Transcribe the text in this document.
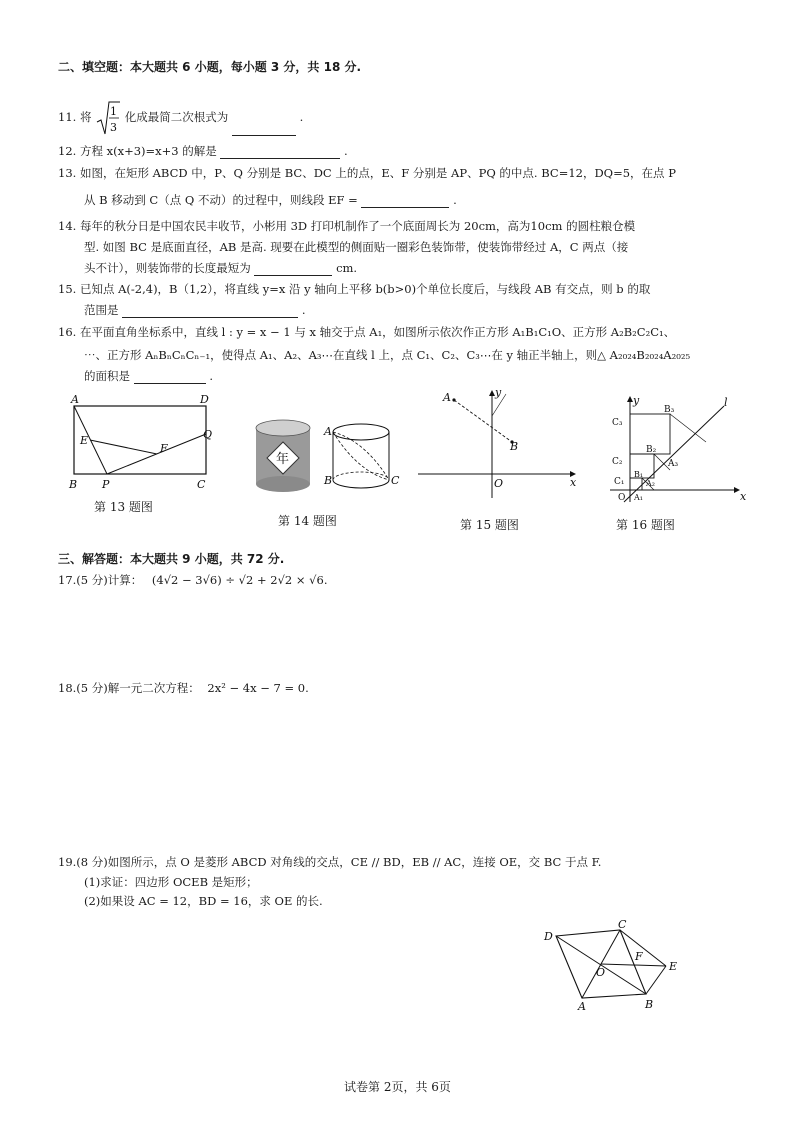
二、填空题：本大题共 6 小题，每小题 3 分，共 18 分.
11. 将 1
3
化成最简二次根式为	.
12. 方程 x(x+3)=x+3 的解是	.
13. 如图，在矩形 ABCD 中，P、Q 分别是 BC、DC 上的点，E、F 分别是 AP、PQ 的中点. BC=12，DQ=5，在点 P
从 B 移动到 C（点 Q 不动）的过程中，则线段 EF =	.
14. 每年的秋分日是中国农民丰收节，小彬用 3D 打印机制作了一个底面周长为 20cm，高为10cm 的圆柱粮仓模
型. 如图 BC 是底面直径，AB 是高. 现要在此模型的侧面贴一圈彩色装饰带，使装饰带经过 A，C 两点（接
头不计），则装饰带的长度最短为	cm.
15. 已知点 A(-2,4)，B（1,2），将直线 y=x 沿 y 轴向上平移 b(b>0)个单位长度后，与线段 AB 有交点，则 b 的取
范围是	.
16. 在平面直角坐标系中，直线 l : y = x − 1 与 x 轴交于点 A₁，如图所示依次作正方形 A₁B₁C₁O、正方形 A₂B₂C₂C₁、
⋯、正方形 AₙBₙCₙCₙ₋₁，使得点 A₁、A₂、A₃⋯在直线 l 上，点 C₁、C₂、C₃⋯在 y 轴正半轴上，则△ A₂₀₂₄B₂₀₂₄A₂₀₂₅
的面积是	.
A	D
E	Q
F
B P	C
第 13 题图
年
A
B	C
第 14 题图
A
B
y
x
O
第 15 题图
y	l
C₃
B₃
C₂
B₂
A₃
C₁
B₁
A₂
O A₁	x
第 16 题图
三、解答题：本大题共 9 小题，共 72 分.
17.(5 分)计算： (4√2 − 3√6) ÷ √2 + 2√2 × √6.
18.(5 分)解一元二次方程： 2x² − 4x − 7 = 0.
19.(8 分)如图所示，点 O 是菱形 ABCD 对角线的交点，CE // BD，EB // AC，连接 OE，交 BC 于点 F.
(1)求证：四边形 OCEB 是矩形；
(2)如果设 AC = 12，BD = 16，求 OE 的长.
D
C
F
E
O
A	B
试卷第 2页，共 6页
